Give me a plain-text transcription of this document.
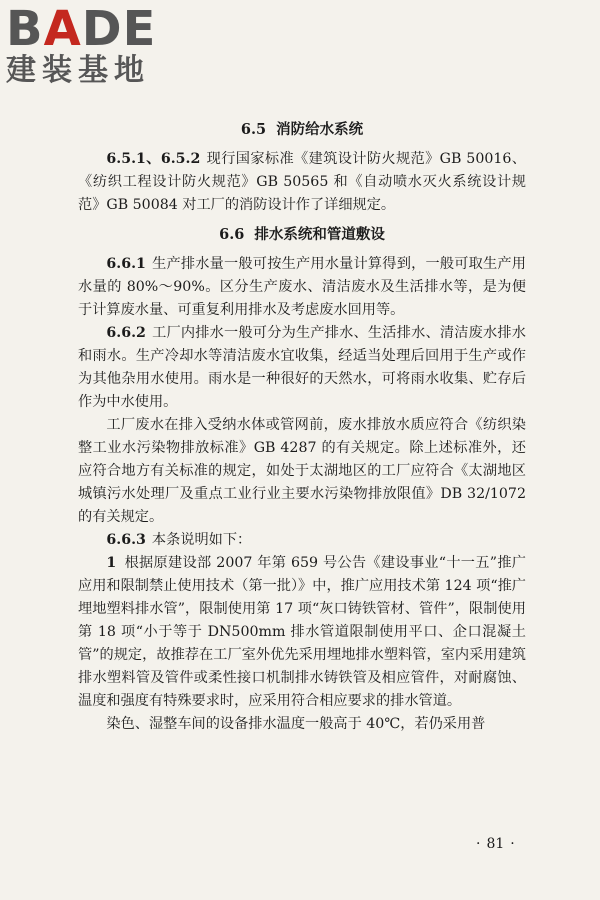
BADE
建装基地
6.5 消防给水系统

6.5.1、6.5.2 现行国家标准《建筑设计防火规范》GB 50016、《纺织工程设计防火规范》GB 50565 和《自动喷水灭火系统设计规范》GB 50084 对工厂的消防设计作了详细规定。

6.6 排水系统和管道敷设

6.6.1 生产排水量一般可按生产用水量计算得到，一般可取生产用水量的 80%～90%。区分生产废水、清洁废水及生活排水等，是为便于计算废水量、可重复利用排水及考虑废水回用等。

6.6.2 工厂内排水一般可分为生产排水、生活排水、清洁废水排水和雨水。生产冷却水等清洁废水宜收集，经适当处理后回用于生产或作为其他杂用水使用。雨水是一种很好的天然水，可将雨水收集、贮存后作为中水使用。

工厂废水在排入受纳水体或管网前，废水排放水质应符合《纺织染整工业水污染物排放标准》GB 4287 的有关规定。除上述标准外，还应符合地方有关标准的规定，如处于太湖地区的工厂应符合《太湖地区城镇污水处理厂及重点工业行业主要水污染物排放限值》DB 32/1072 的有关规定。

6.6.3 本条说明如下：

1 根据原建设部 2007 年第 659 号公告《建设事业“十一五”推广应用和限制禁止使用技术（第一批）》中，推广应用技术第 124 项“推广埋地塑料排水管”，限制使用第 17 项“灰口铸铁管材、管件”，限制使用第 18 项“小于等于 DN500mm 排水管道限制使用平口、企口混凝土管”的规定，故推荐在工厂室外优先采用埋地排水塑料管，室内采用建筑排水塑料管及管件或柔性接口机制排水铸铁管及相应管件，对耐腐蚀、温度和强度有特殊要求时，应采用符合相应要求的排水管道。

染色、湿整车间的设备排水温度一般高于 40℃，若仍采用普

· 81 ·
